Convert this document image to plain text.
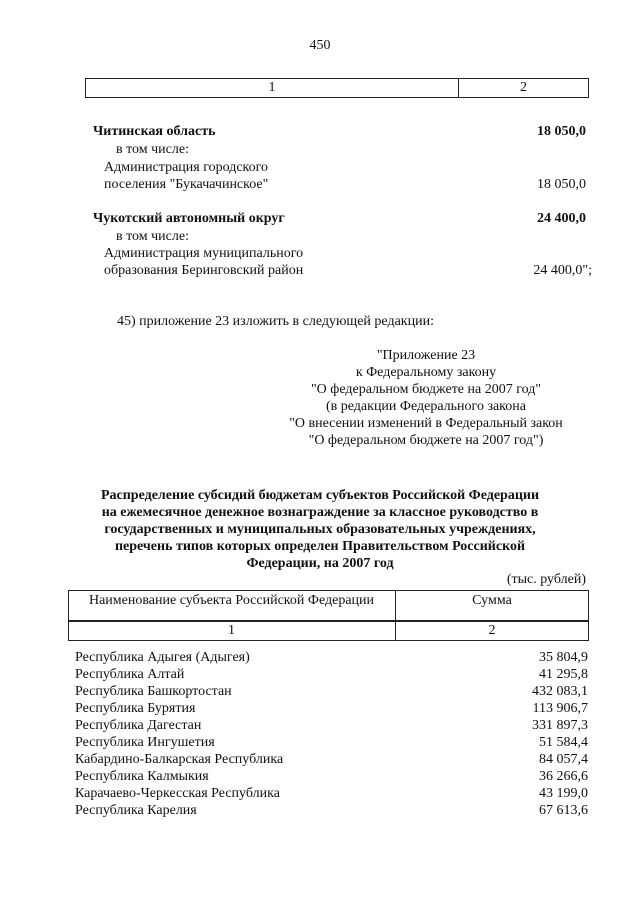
450
1	2
Читинская область	18 050,0
в том числе:
Администрация городского
поселения "Букачачинское"	18 050,0
Чукотский автономный округ	24 400,0
в том числе:
Администрация муниципального
образования Беринговский район	24 400,0";
45) приложение 23 изложить в следующей редакции:
"Приложение 23
к Федеральному закону
"О федеральном бюджете на 2007 год"
(в редакции Федерального закона
"О внесении изменений в Федеральный закон
"О федеральном бюджете на 2007 год")
Распределение субсидий бюджетам субъектов Российской Федерации
на ежемесячное денежное вознаграждение за классное руководство в
государственных и муниципальных образовательных учреждениях,
перечень типов которых определен Правительством Российской
Федерации, на 2007 год
(тыс. рублей)
Наименование субъекта Российской Федерации	Сумма
1	2
Республика Адыгея (Адыгея)	35 804,9
Республика Алтай	41 295,8
Республика Башкортостан	432 083,1
Республика Бурятия	113 906,7
Республика Дагестан	331 897,3
Республика Ингушетия	51 584,4
Кабардино-Балкарская Республика	84 057,4
Республика Калмыкия	36 266,6
Карачаево-Черкесская Республика	43 199,0
Республика Карелия	67 613,6
